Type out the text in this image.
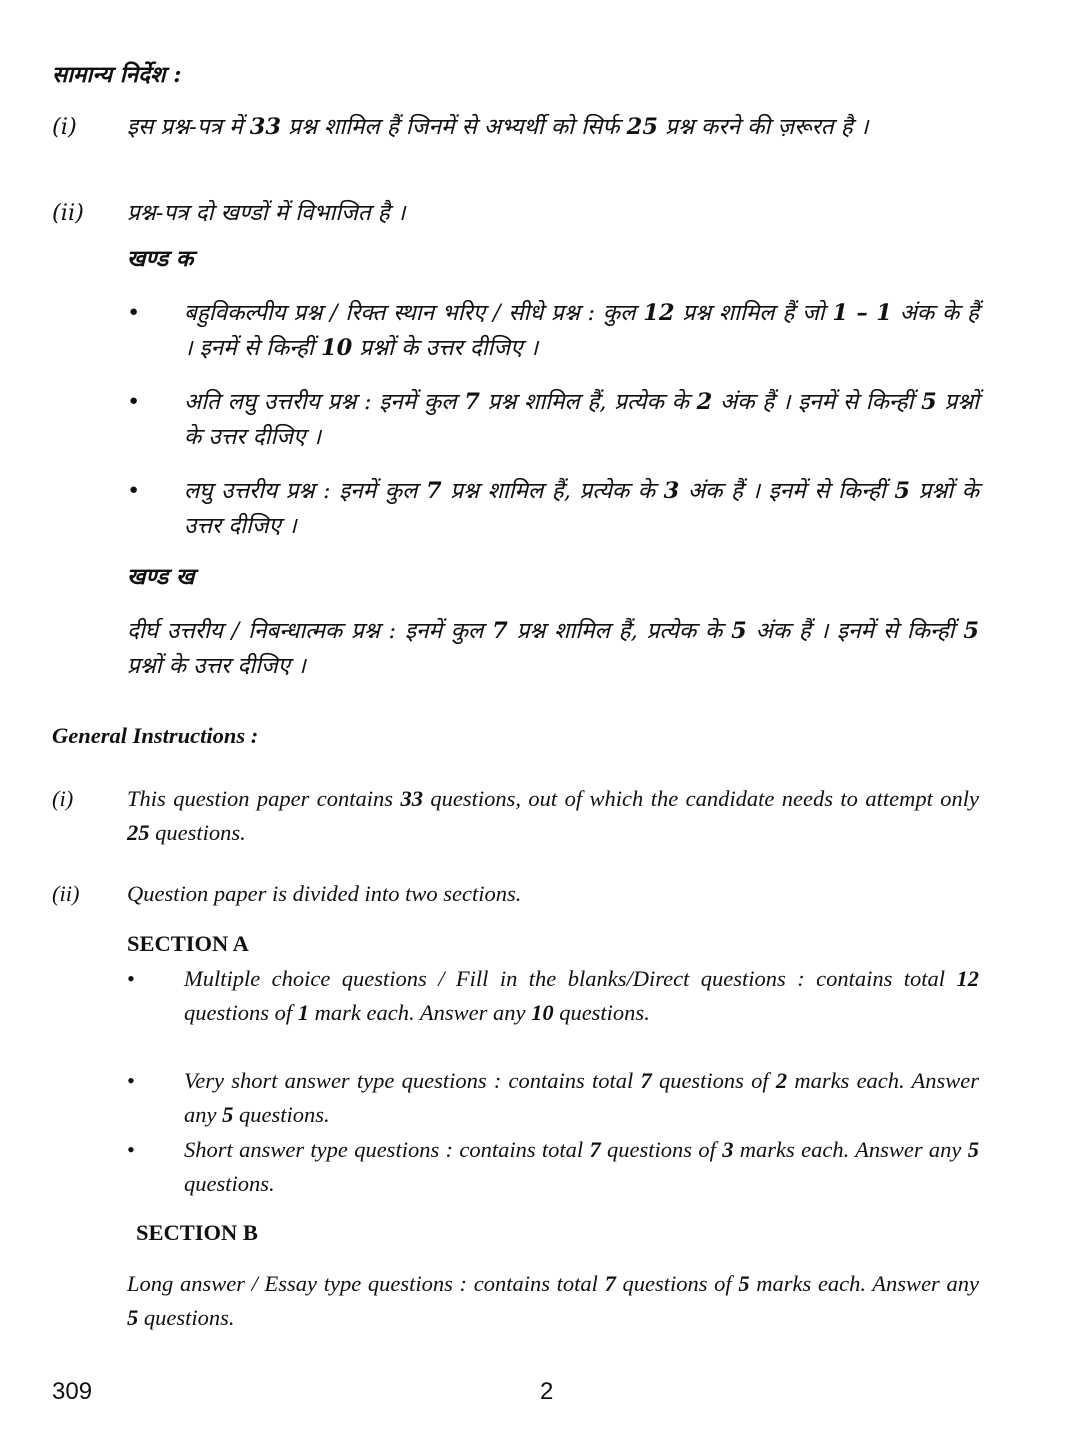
सामान्य निर्देश :
(i) इस प्रश्न-पत्र में 33 प्रश्न शामिल हैं जिनमें से अभ्यर्थी को सिर्फ 25 प्रश्न करने की ज़रूरत है ।
(ii) प्रश्न-पत्र दो खण्डों में विभाजित है ।
खण्ड क
• बहुविकल्पीय प्रश्न / रिक्त स्थान भरिए / सीधे प्रश्न : कुल 12 प्रश्न शामिल हैं जो 1 – 1 अंक के हैं । इनमें से किन्हीं 10 प्रश्नों के उत्तर दीजिए ।
• अति लघु उत्तरीय प्रश्न : इनमें कुल 7 प्रश्न शामिल हैं, प्रत्येक के 2 अंक हैं । इनमें से किन्हीं 5 प्रश्नों के उत्तर दीजिए ।
• लघु उत्तरीय प्रश्न : इनमें कुल 7 प्रश्न शामिल हैं, प्रत्येक के 3 अंक हैं । इनमें से किन्हीं 5 प्रश्नों के उत्तर दीजिए ।
खण्ड ख
दीर्घ उत्तरीय / निबन्धात्मक प्रश्न : इनमें कुल 7 प्रश्न शामिल हैं, प्रत्येक के 5 अंक हैं । इनमें से किन्हीं 5 प्रश्नों के उत्तर दीजिए ।
General Instructions :
(i) This question paper contains 33 questions, out of which the candidate needs to attempt only 25 questions.
(ii) Question paper is divided into two sections.
SECTION A
• Multiple choice questions / Fill in the blanks/Direct questions : contains total 12 questions of 1 mark each. Answer any 10 questions.
• Very short answer type questions : contains total 7 questions of 2 marks each. Answer any 5 questions.
• Short answer type questions : contains total 7 questions of 3 marks each. Answer any 5 questions.
SECTION B
Long answer / Essay type questions : contains total 7 questions of 5 marks each. Answer any 5 questions.
309	2
